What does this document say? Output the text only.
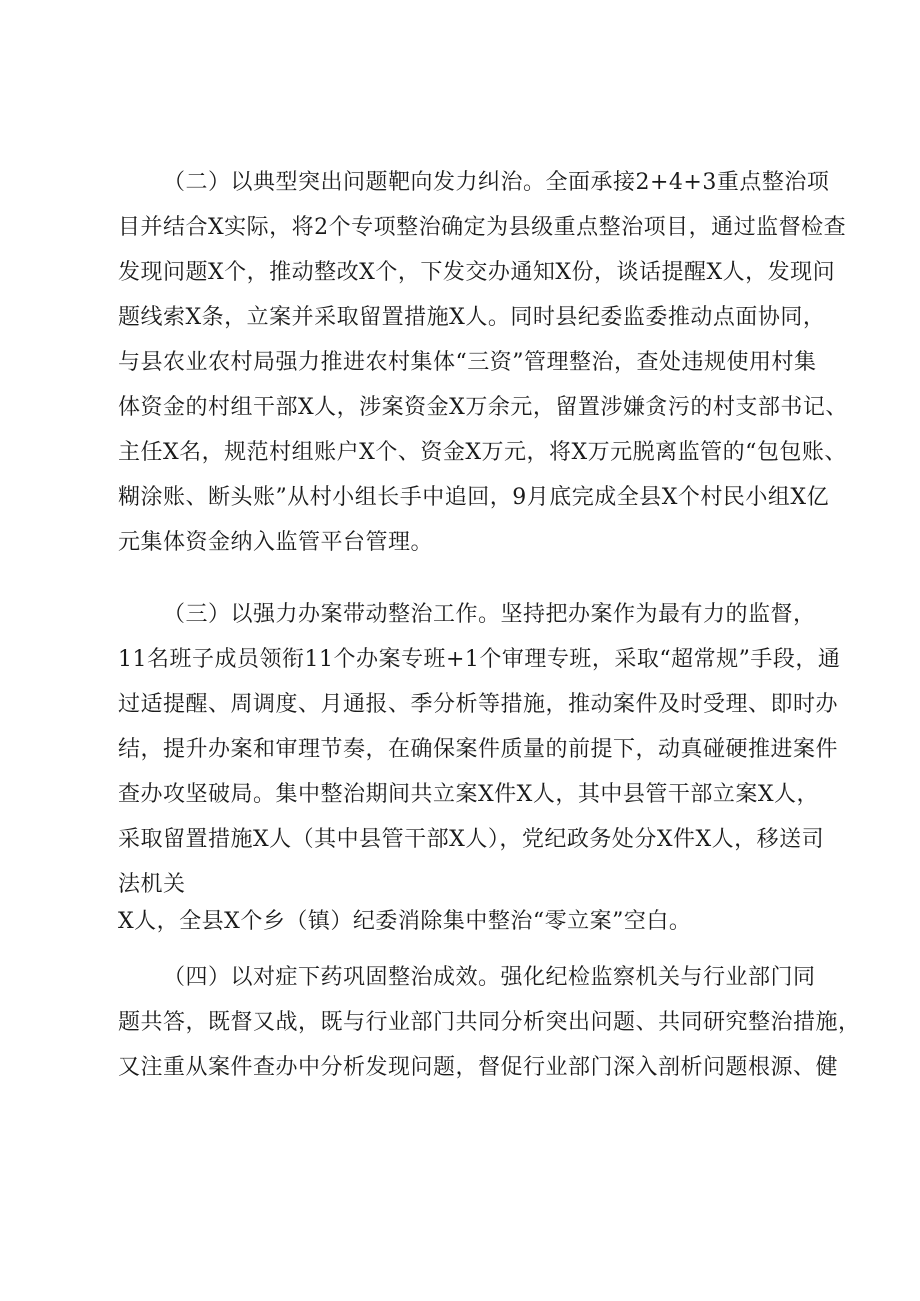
（二）以典型突出问题靶向发力纠治。全面承接2+4+3重点整治项
目并结合X实际，将2个专项整治确定为县级重点整治项目，通过监督检查
发现问题X个，推动整改X个，下发交办通知X份，谈话提醒X人，发现问
题线索X条，立案并采取留置措施X人。同时县纪委监委推动点面协同，
与县农业农村局强力推进农村集体“三资”管理整治，查处违规使用村集
体资金的村组干部X人，涉案资金X万余元，留置涉嫌贪污的村支部书记、
主任X名，规范村组账户X个、资金X万元，将X万元脱离监管的“包包账、
糊涂账、断头账”从村小组长手中追回，9月底完成全县X个村民小组X亿
元集体资金纳入监管平台管理。
（三）以强力办案带动整治工作。坚持把办案作为最有力的监督，
11名班子成员领衔11个办案专班+1个审理专班，采取“超常规”手段，通
过适提醒、周调度、月通报、季分析等措施，推动案件及时受理、即时办
结，提升办案和审理节奏，在确保案件质量的前提下，动真碰硬推进案件
查办攻坚破局。集中整治期间共立案X件X人，其中县管干部立案X人，
采取留置措施X人（其中县管干部X人），党纪政务处分X件X人，移送司
法机关
X人，全县X个乡（镇）纪委消除集中整治“零立案”空白。
（四）以对症下药巩固整治成效。强化纪检监察机关与行业部门同
题共答，既督又战，既与行业部门共同分析突出问题、共同研究整治措施，
又注重从案件查办中分析发现问题，督促行业部门深入剖析问题根源、健
